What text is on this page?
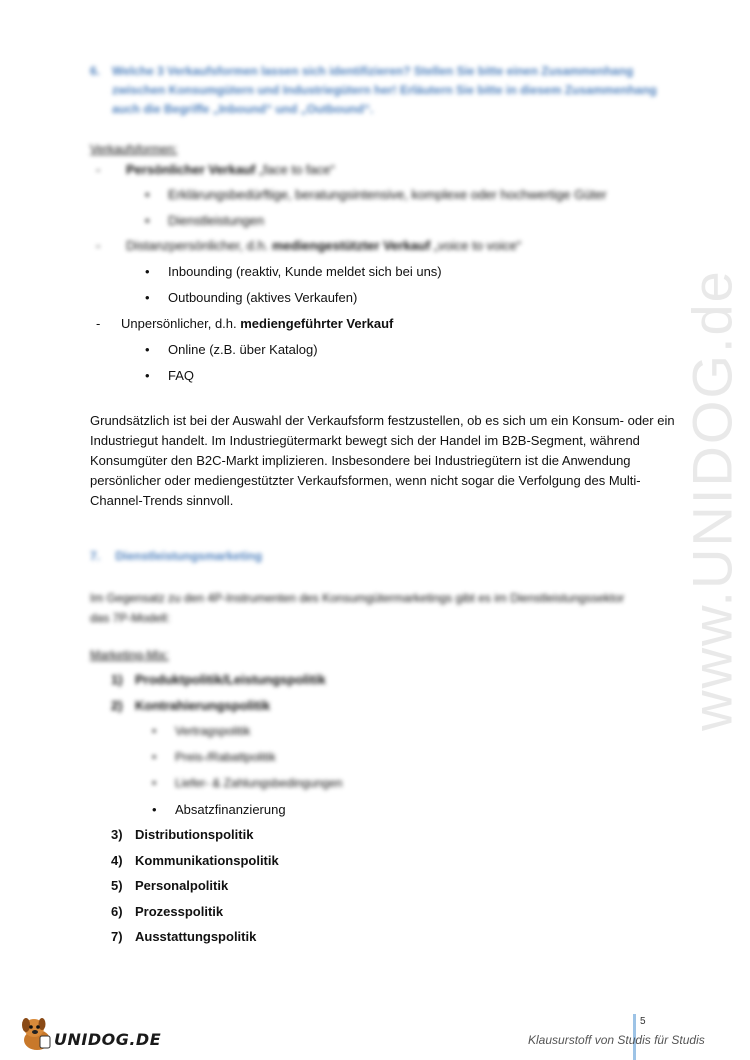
www.UNIDOG.de
6. Welche 3 Verkaufsformen lassen sich identifizieren? Stellen Sie bitte einen Zusammenhang zwischen Konsumgütern und Industriegütern her! Erläutern Sie bitte in diesem Zusammenhang auch die Begriffe „Inbound“ und „Outbound“.
Verkaufsformen:
- Persönlicher Verkauf „face to face“
• Erklärungsbedürftige, beratungsintensive, komplexe oder hochwertige Güter
• Dienstleistungen
- Distanzpersönlicher, d.h. mediengestützter Verkauf „voice to voice“
• Inbounding (reaktiv, Kunde meldet sich bei uns)
• Outbounding (aktives Verkaufen)
- Unpersönlicher, d.h. mediengeführter Verkauf
• Online (z.B. über Katalog)
• FAQ
Grundsätzlich ist bei der Auswahl der Verkaufsform festzustellen, ob es sich um ein Konsum- oder ein
Industriegut handelt. Im Industriegütermarkt bewegt sich der Handel im B2B-Segment, während
Konsumgüter den B2C-Markt implizieren. Insbesondere bei Industriegütern ist die Anwendung
persönlicher oder mediengestützter Verkaufsformen, wenn nicht sogar die Verfolgung des Multi-
Channel-Trends sinnvoll.
7. Dienstleistungsmarketing
Im Gegensatz zu den 4P-Instrumenten des Konsumgütermarketings gibt es im Dienstleistungssektor
das 7P-Modell:
Marketing-Mix:
1) Produktpolitik/Leistungspolitik
2) Kontrahierungspolitik
• Vertragspolitik
• Preis-/Rabattpolitik
• Liefer- & Zahlungsbedingungen
• Absatzfinanzierung
3) Distributionspolitik
4) Kommunikationspolitik
5) Personalpolitik
6) Prozesspolitik
7) Ausstattungspolitik
UNIDOG.DE
5
Klausurstoff von Studis für Studis
